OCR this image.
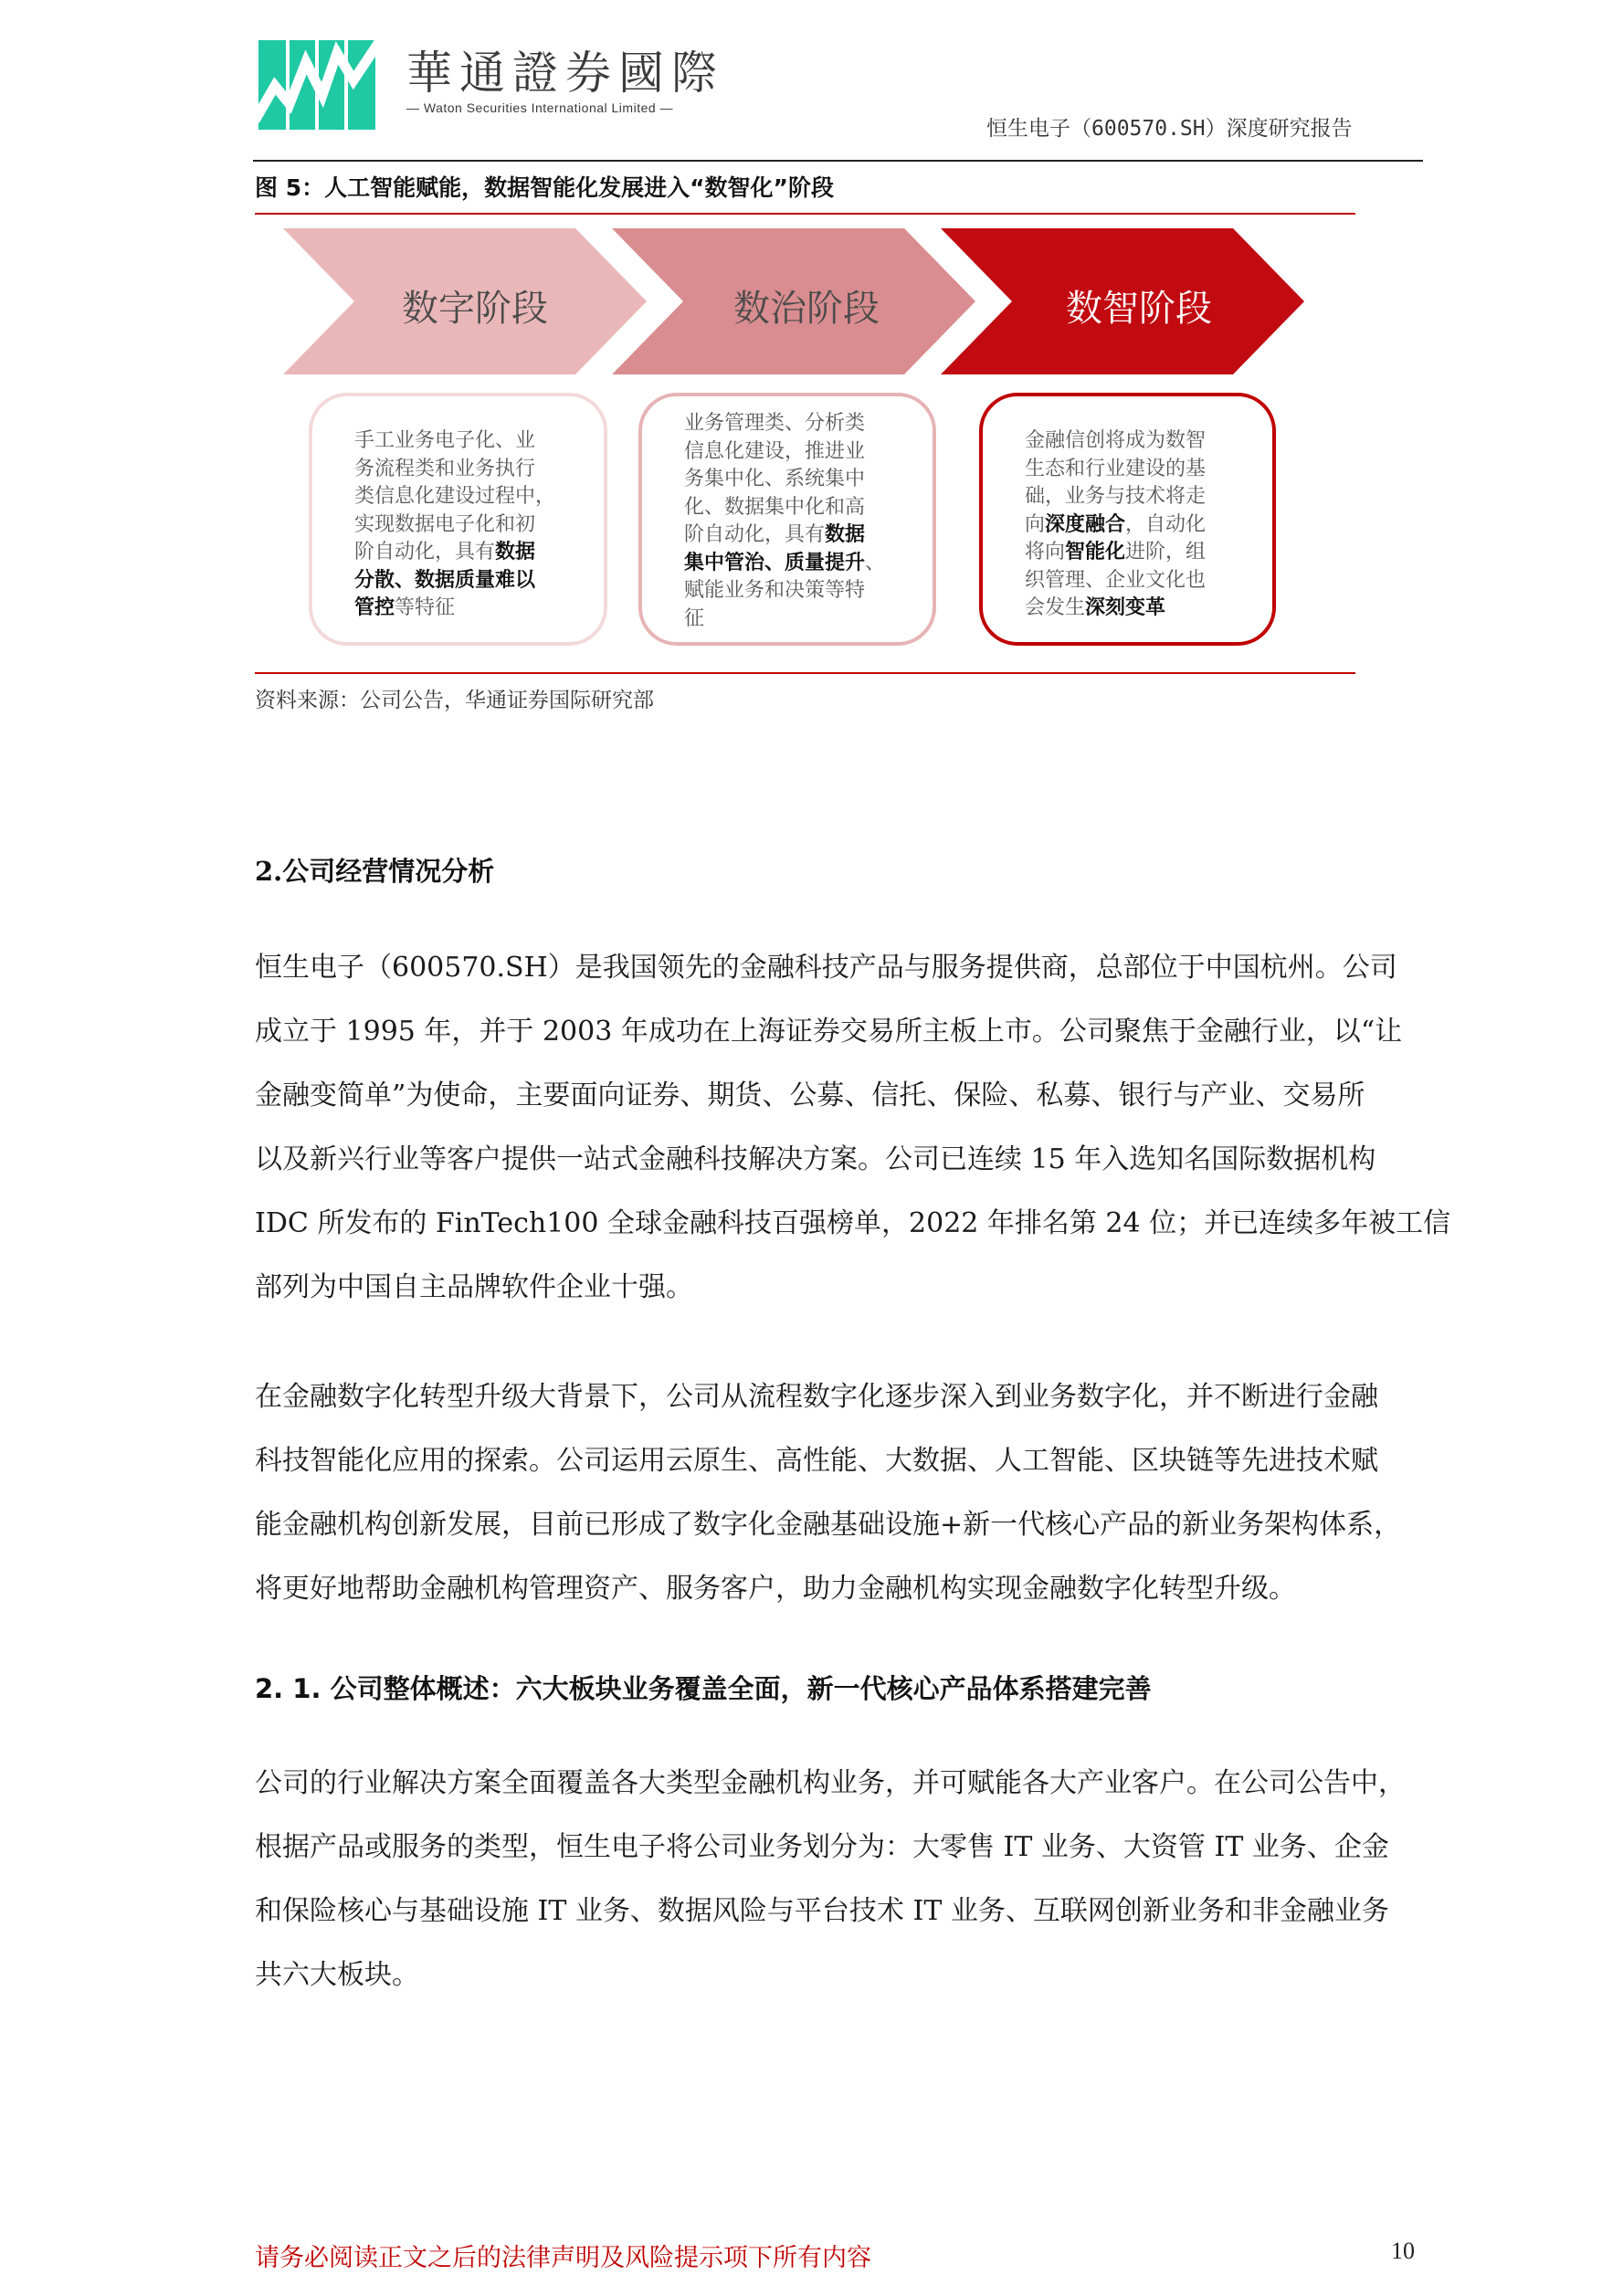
華通證券國際
— Waton Securities International Limited —
恒生电子（600570.SH）深度研究报告
图 5：人工智能赋能，数据智能化发展进入“数智化”阶段
数字阶段	数治阶段	数智阶段
手工业务电子化、业
务流程类和业务执行
类信息化建设过程中，
实现数据电子化和初
阶自动化，具有数据
分散、数据质量难以
管控等特征
业务管理类、分析类
信息化建设，推进业
务集中化、系统集中
化、数据集中化和高
阶自动化，具有数据
集中管治、质量提升、
赋能业务和决策等特
征
金融信创将成为数智
生态和行业建设的基
础，业务与技术将走
向深度融合，自动化
将向智能化进阶，组
织管理、企业文化也
会发生深刻变革
资料来源：公司公告，华通证券国际研究部
2.公司经营情况分析
恒生电子（600570.SH）是我国领先的金融科技产品与服务提供商，总部位于中国杭州。公司
成立于 1995 年，并于 2003 年成功在上海证券交易所主板上市。公司聚焦于金融行业，以“让
金融变简单”为使命，主要面向证券、期货、公募、信托、保险、私募、银行与产业、交易所
以及新兴行业等客户提供一站式金融科技解决方案。公司已连续 15 年入选知名国际数据机构
IDC 所发布的 FinTech100 全球金融科技百强榜单，2022 年排名第 24 位；并已连续多年被工信
部列为中国自主品牌软件企业十强。
在金融数字化转型升级大背景下，公司从流程数字化逐步深入到业务数字化，并不断进行金融
科技智能化应用的探索。公司运用云原生、高性能、大数据、人工智能、区块链等先进技术赋
能金融机构创新发展，目前已形成了数字化金融基础设施+新一代核心产品的新业务架构体系，
将更好地帮助金融机构管理资产、服务客户，助力金融机构实现金融数字化转型升级。
2. 1. 公司整体概述：六大板块业务覆盖全面，新一代核心产品体系搭建完善
公司的行业解决方案全面覆盖各大类型金融机构业务，并可赋能各大产业客户。在公司公告中，
根据产品或服务的类型，恒生电子将公司业务划分为：大零售 IT 业务、大资管 IT 业务、企金
和保险核心与基础设施 IT 业务、数据风险与平台技术 IT 业务、互联网创新业务和非金融业务
共六大板块。
请务必阅读正文之后的法律声明及风险提示项下所有内容	10
